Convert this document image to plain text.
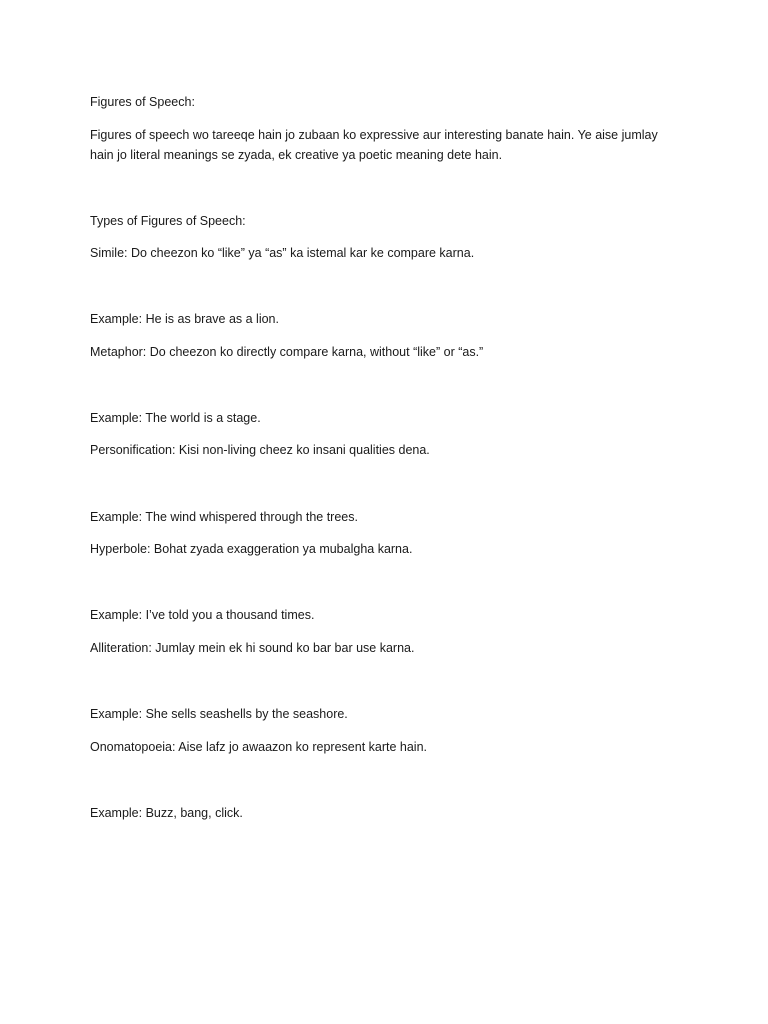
Figures of Speech:

Figures of speech wo tareeqe hain jo zubaan ko expressive aur interesting banate hain. Ye aise jumlay hain jo literal meanings se zyada, ek creative ya poetic meaning dete hain.

Types of Figures of Speech:

Simile: Do cheezon ko “like” ya “as” ka istemal kar ke compare karna.

Example: He is as brave as a lion.

Metaphor: Do cheezon ko directly compare karna, without “like” or “as.”

Example: The world is a stage.

Personification: Kisi non-living cheez ko insani qualities dena.

Example: The wind whispered through the trees.

Hyperbole: Bohat zyada exaggeration ya mubalgha karna.

Example: I’ve told you a thousand times.

Alliteration: Jumlay mein ek hi sound ko bar bar use karna.

Example: She sells seashells by the seashore.

Onomatopoeia: Aise lafz jo awaazon ko represent karte hain.

Example: Buzz, bang, click.
